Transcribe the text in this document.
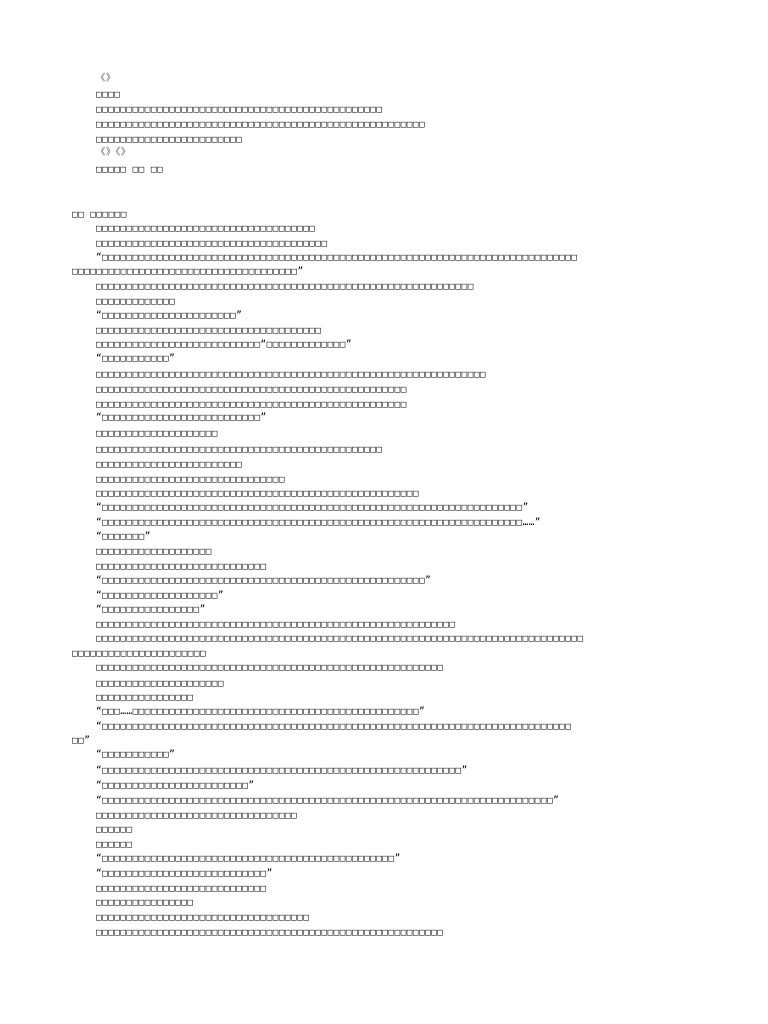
《》
□□□□
□□□□□□□□□□□□□□□□□□□□□□□□□□□□□□□□□□□□□□□□□□□□□□□
□□□□□□□□□□□□□□□□□□□□□□□□□□□□□□□□□□□□□□□□□□□□□□□□□□□□□□
□□□□□□□□□□□□□□□□□□□□□□□□
《》《》
□□□□□ □□ □□
□□ □□□□□□
□□□□□□□□□□□□□□□□□□□□□□□□□□□□□□□□□□□□
□□□□□□□□□□□□□□□□□□□□□□□□□□□□□□□□□□□□□□
“□□□□□□□□□□□□□□□□□□□□□□□□□□□□□□□□□□□□□□□□□□□□□□□□□□□□□□□□□□□□□□□□□□□□□□□□□□□□□□
□□□□□□□□□□□□□□□□□□□□□□□□□□□□□□□□□□□□□”
□□□□□□□□□□□□□□□□□□□□□□□□□□□□□□□□□□□□□□□□□□□□□□□□□□□□□□□□□□□□□□
□□□□□□□□□□□□□
“□□□□□□□□□□□□□□□□□□□□□□”
□□□□□□□□□□□□□□□□□□□□□□□□□□□□□□□□□□□□□
□□□□□□□□□□□□□□□□□□□□□□□□□□□“□□□□□□□□□□□□□”
“□□□□□□□□□□□”
□□□□□□□□□□□□□□□□□□□□□□□□□□□□□□□□□□□□□□□□□□□□□□□□□□□□□□□□□□□□□□□□
□□□□□□□□□□□□□□□□□□□□□□□□□□□□□□□□□□□□□□□□□□□□□□□□□□□
□□□□□□□□□□□□□□□□□□□□□□□□□□□□□□□□□□□□□□□□□□□□□□□□□□□
“□□□□□□□□□□□□□□□□□□□□□□□□□□”
□□□□□□□□□□□□□□□□□□□□
□□□□□□□□□□□□□□□□□□□□□□□□□□□□□□□□□□□□□□□□□□□□□□□
□□□□□□□□□□□□□□□□□□□□□□□□
□□□□□□□□□□□□□□□□□□□□□□□□□□□□□□□
□□□□□□□□□□□□□□□□□□□□□□□□□□□□□□□□□□□□□□□□□□□□□□□□□□□□□
“□□□□□□□□□□□□□□□□□□□□□□□□□□□□□□□□□□□□□□□□□□□□□□□□□□□□□□□□□□□□□□□□□□□□□”
“□□□□□□□□□□□□□□□□□□□□□□□□□□□□□□□□□□□□□□□□□□□□□□□□□□□□□□□□□□□□□□□□□□□□□……”
“□□□□□□□”
□□□□□□□□□□□□□□□□□□□
□□□□□□□□□□□□□□□□□□□□□□□□□□□□
“□□□□□□□□□□□□□□□□□□□□□□□□□□□□□□□□□□□□□□□□□□□□□□□□□□□□□”
“□□□□□□□□□□□□□□□□□□□”
“□□□□□□□□□□□□□□□□”
□□□□□□□□□□□□□□□□□□□□□□□□□□□□□□□□□□□□□□□□□□□□□□□□□□□□□□□□□□□
□□□□□□□□□□□□□□□□□□□□□□□□□□□□□□□□□□□□□□□□□□□□□□□□□□□□□□□□□□□□□□□□□□□□□□□□□□□□□□□□
□□□□□□□□□□□□□□□□□□□□□□
□□□□□□□□□□□□□□□□□□□□□□□□□□□□□□□□□□□□□□□□□□□□□□□□□□□□□□□□□
□□□□□□□□□□□□□□□□□□□□□
□□□□□□□□□□□□□□□□
“□□□……□□□□□□□□□□□□□□□□□□□□□□□□□□□□□□□□□□□□□□□□□□□□□□□”
“□□□□□□□□□□□□□□□□□□□□□□□□□□□□□□□□□□□□□□□□□□□□□□□□□□□□□□□□□□□□□□□□□□□□□□□□□□□□□
□□”
“□□□□□□□□□□□”
“□□□□□□□□□□□□□□□□□□□□□□□□□□□□□□□□□□□□□□□□□□□□□□□□□□□□□□□□□□□”
“□□□□□□□□□□□□□□□□□□□□□□□□”
“□□□□□□□□□□□□□□□□□□□□□□□□□□□□□□□□□□□□□□□□□□□□□□□□□□□□□□□□□□□□□□□□□□□□□□□□□□”
□□□□□□□□□□□□□□□□□□□□□□□□□□□□□□□□□
□□□□□□
□□□□□□
“□□□□□□□□□□□□□□□□□□□□□□□□□□□□□□□□□□□□□□□□□□□□□□□□”
“□□□□□□□□□□□□□□□□□□□□□□□□□□□”
□□□□□□□□□□□□□□□□□□□□□□□□□□□□
□□□□□□□□□□□□□□□□
□□□□□□□□□□□□□□□□□□□□□□□□□□□□□□□□□□□
□□□□□□□□□□□□□□□□□□□□□□□□□□□□□□□□□□□□□□□□□□□□□□□□□□□□□□□□□
